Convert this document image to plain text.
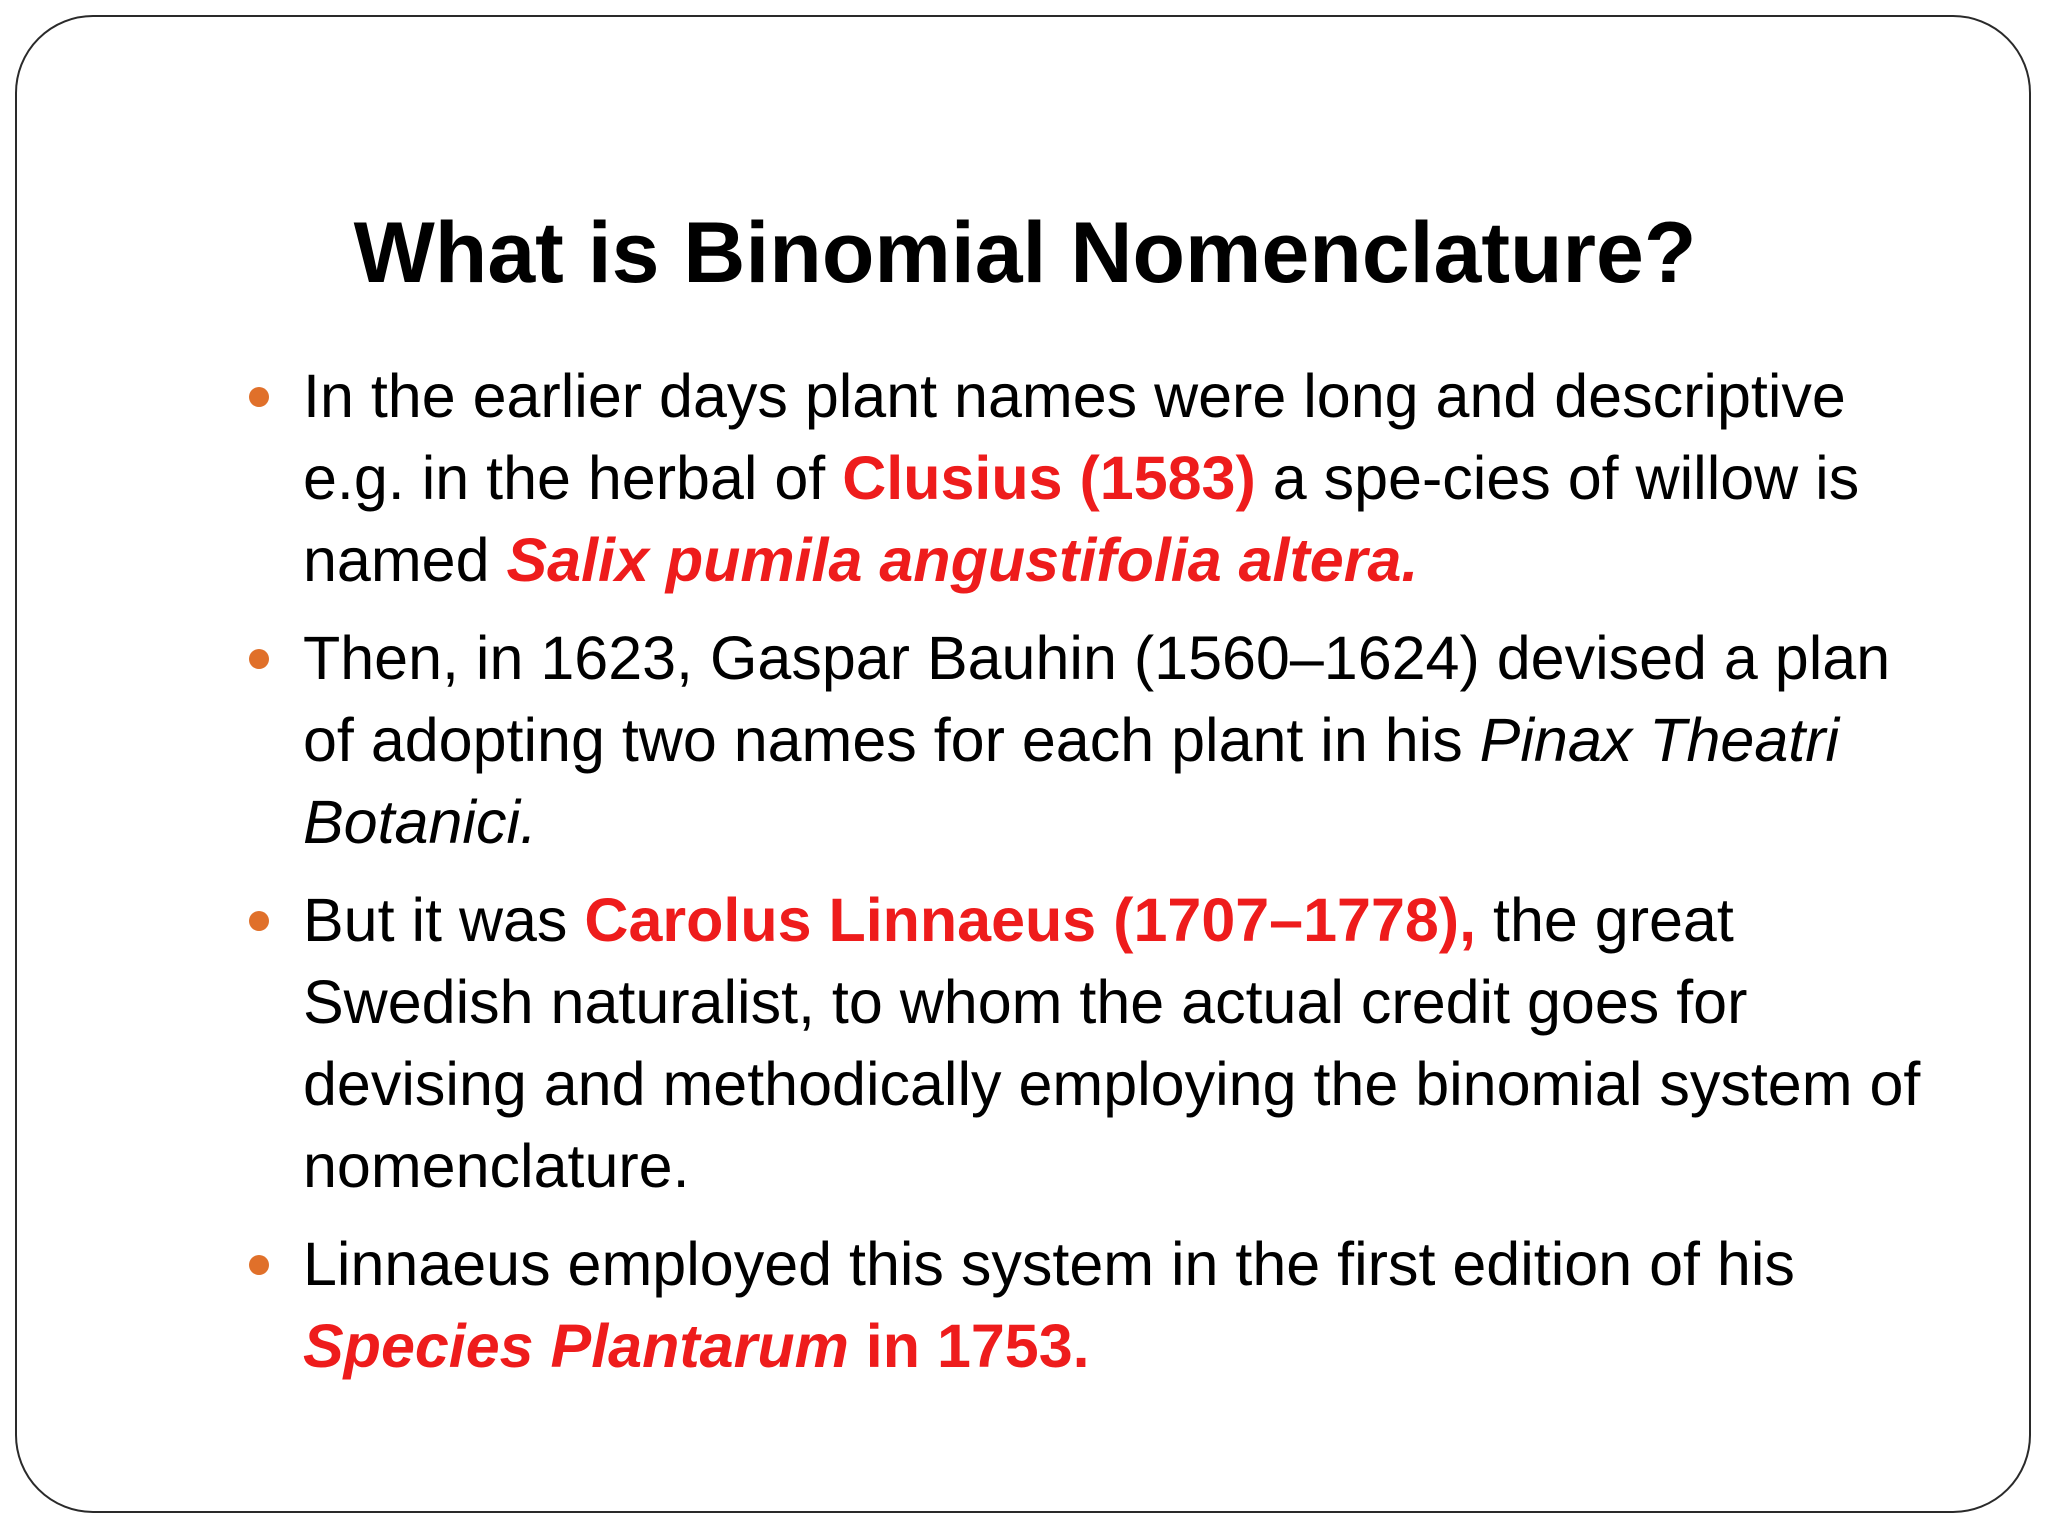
What is Binomial Nomenclature?
In the earlier days plant names were long and descriptive e.g. in the herbal of Clusius (1583) a spe-cies of willow is named Salix pumila angustifolia altera.
Then, in 1623, Gaspar Bauhin (1560–1624) devised a plan of adopting two names for each plant in his Pinax Theatri Botanici.
But it was Carolus Linnaeus (1707–1778), the great Swedish naturalist, to whom the actual credit goes for devising and methodically employing the binomial system of nomenclature.
Linnaeus employed this system in the first edition of his Species Plantarum in 1753.
